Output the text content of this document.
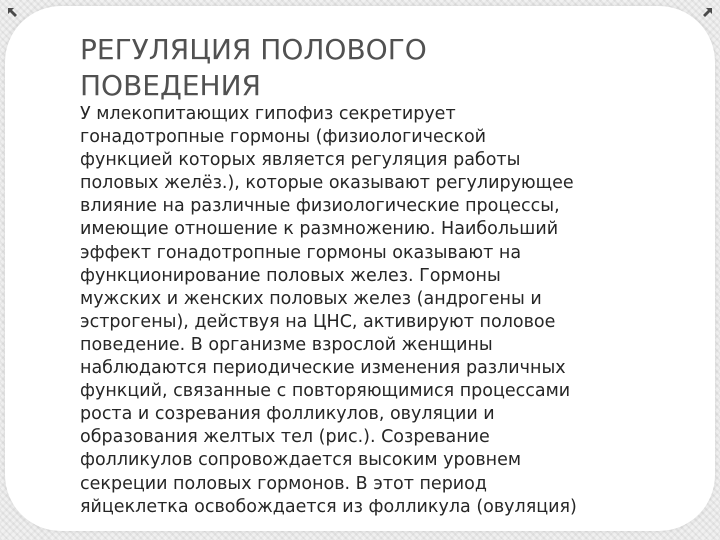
РЕГУЛЯЦИЯ ПОЛОВОГО
ПОВЕДЕНИЯ
У млекопитающих гипофиз секретирует
гонадотропные гормоны (физиологической
функцией которых является регуляция работы
половых желёз.), которые оказывают регулирующее
влияние на различные физиологические процессы,
имеющие отношение к размножению. Наибольший
эффект гонадотропные гормоны оказывают на
функционирование половых желез. Гормоны
мужских и женских половых желез (андрогены и
эстрогены), действуя на ЦНС, активируют половое
поведение. В организме взрослой женщины
наблюдаются периодические изменения различных
функций, связанные с повторяющимися процессами
роста и созревания фолликулов, овуляции и
образования желтых тел (рис.). Созревание
фолликулов сопровождается высоким уровнем
секреции половых гормонов. В этот период
яйцеклетка освобождается из фолликула (овуляция)
